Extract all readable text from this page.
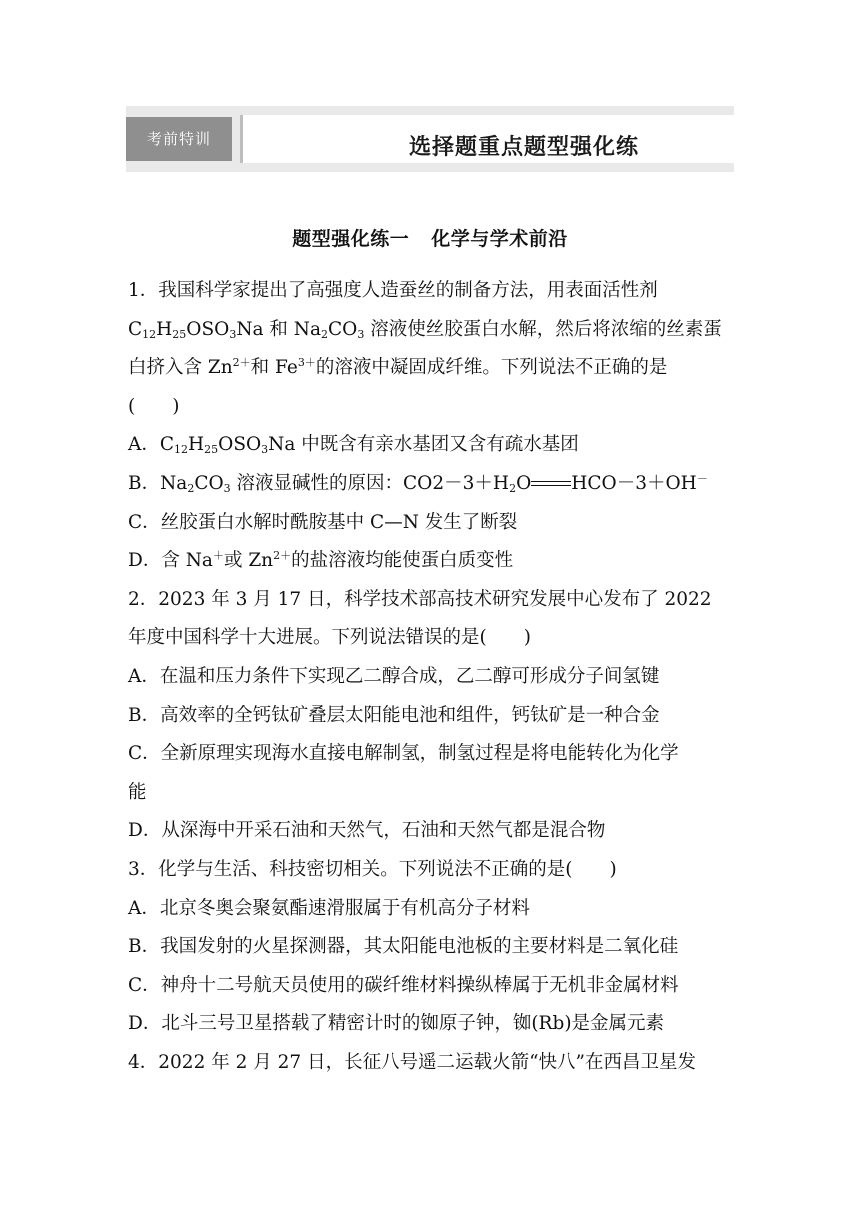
考前特训	选择题重点题型强化练
题型强化练一 化学与学术前沿
1．我国科学家提出了高强度人造蚕丝的制备方法，用表面活性剂
$C_{12}H_{25}OSO_3Na$ 和 $Na_2CO_3$ 溶液使丝胶蛋白水解，然后将浓缩的丝素蛋
白挤入含 $Zn^{2+}$和 $Fe^{3+}$的溶液中凝固成纤维。下列说法不正确的是
(　　)
A．$C_{12}H_{25}OSO_3Na$ 中既含有亲水基团又含有疏水基团
B．$Na_2CO_3$ 溶液显碱性的原因：$CO2-3+H_2O$ HCO－3＋OH－
C．丝胶蛋白水解时酰胺基中 C—N 发生了断裂
D．含 Na＋或 $Zn^{2+}$的盐溶液均能使蛋白质变性
2．2023 年 3 月 17 日，科学技术部高技术研究发展中心发布了 2022
年度中国科学十大进展。下列说法错误的是(　　)
A．在温和压力条件下实现乙二醇合成，乙二醇可形成分子间氢键
B．高效率的全钙钛矿叠层太阳能电池和组件，钙钛矿是一种合金
C．全新原理实现海水直接电解制氢，制氢过程是将电能转化为化学
能
D．从深海中开采石油和天然气，石油和天然气都是混合物
3．化学与生活、科技密切相关。下列说法不正确的是(　　)
A．北京冬奥会聚氨酯速滑服属于有机高分子材料
B．我国发射的火星探测器，其太阳能电池板的主要材料是二氧化硅
C．神舟十二号航天员使用的碳纤维材料操纵棒属于无机非金属材料
D．北斗三号卫星搭载了精密计时的铷原子钟，铷(Rb)是金属元素
4．2022 年 2 月 27 日，长征八号遥二运载火箭“快八”在西昌卫星发
